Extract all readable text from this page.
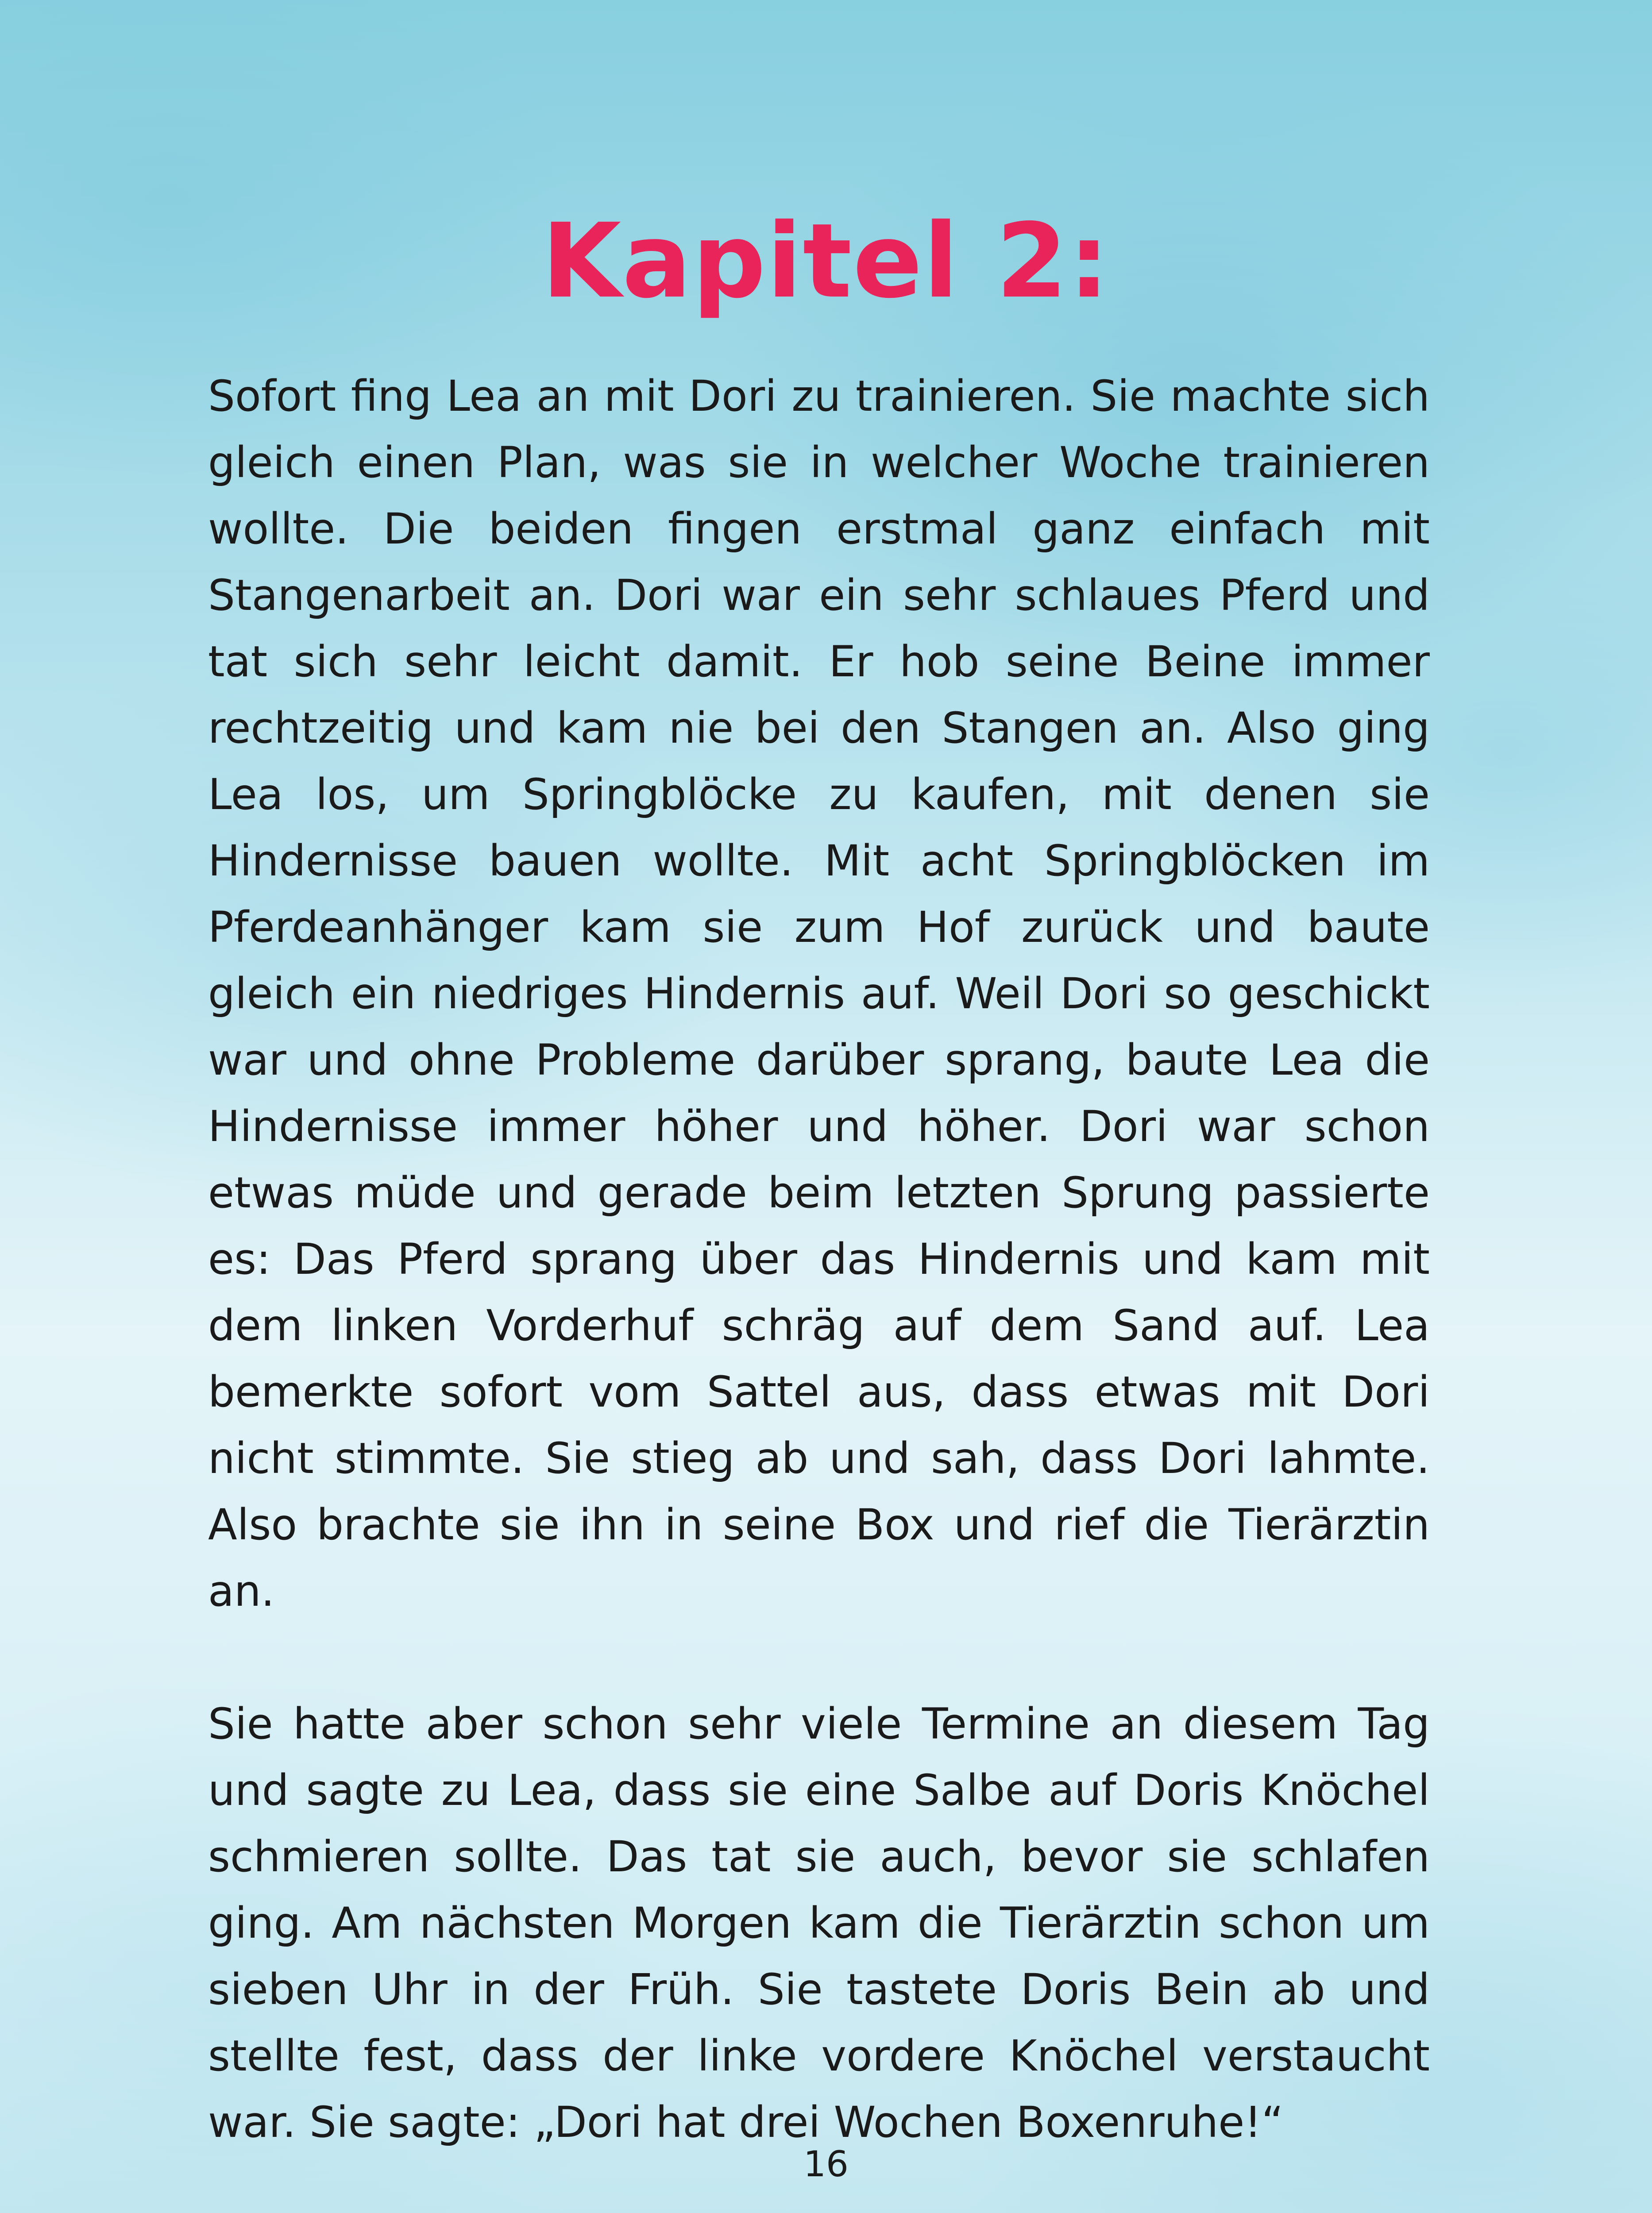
Kapitel 2:

Sofort fing Lea an mit Dori zu trainieren. Sie machte sich gleich einen Plan, was sie in welcher Woche trainieren wollte. Die beiden fingen erstmal ganz einfach mit Stangenarbeit an. Dori war ein sehr schlaues Pferd und tat sich sehr leicht damit. Er hob seine Beine immer rechtzeitig und kam nie bei den Stangen an. Also ging Lea los, um Springblöcke zu kaufen, mit denen sie Hindernisse bauen wollte. Mit acht Springblöcken im Pferdeanhänger kam sie zum Hof zurück und baute gleich ein niedriges Hindernis auf. Weil Dori so geschickt war und ohne Probleme darüber sprang, baute Lea die Hindernisse immer höher und höher. Dori war schon etwas müde und gerade beim letzten Sprung passierte es: Das Pferd sprang über das Hindernis und kam mit dem linken Vorderhuf schräg auf dem Sand auf. Lea bemerkte sofort vom Sattel aus, dass etwas mit Dori nicht stimmte. Sie stieg ab und sah, dass Dori lahmte. Also brachte sie ihn in seine Box und rief die Tierärztin an.

Sie hatte aber schon sehr viele Termine an diesem Tag und sagte zu Lea, dass sie eine Salbe auf Doris Knöchel schmieren sollte. Das tat sie auch, bevor sie schlafen ging. Am nächsten Morgen kam die Tierärztin schon um sieben Uhr in der Früh. Sie tastete Doris Bein ab und stellte fest, dass der linke vordere Knöchel verstaucht war. Sie sagte: „Dori hat drei Wochen Boxenruhe!“

16
